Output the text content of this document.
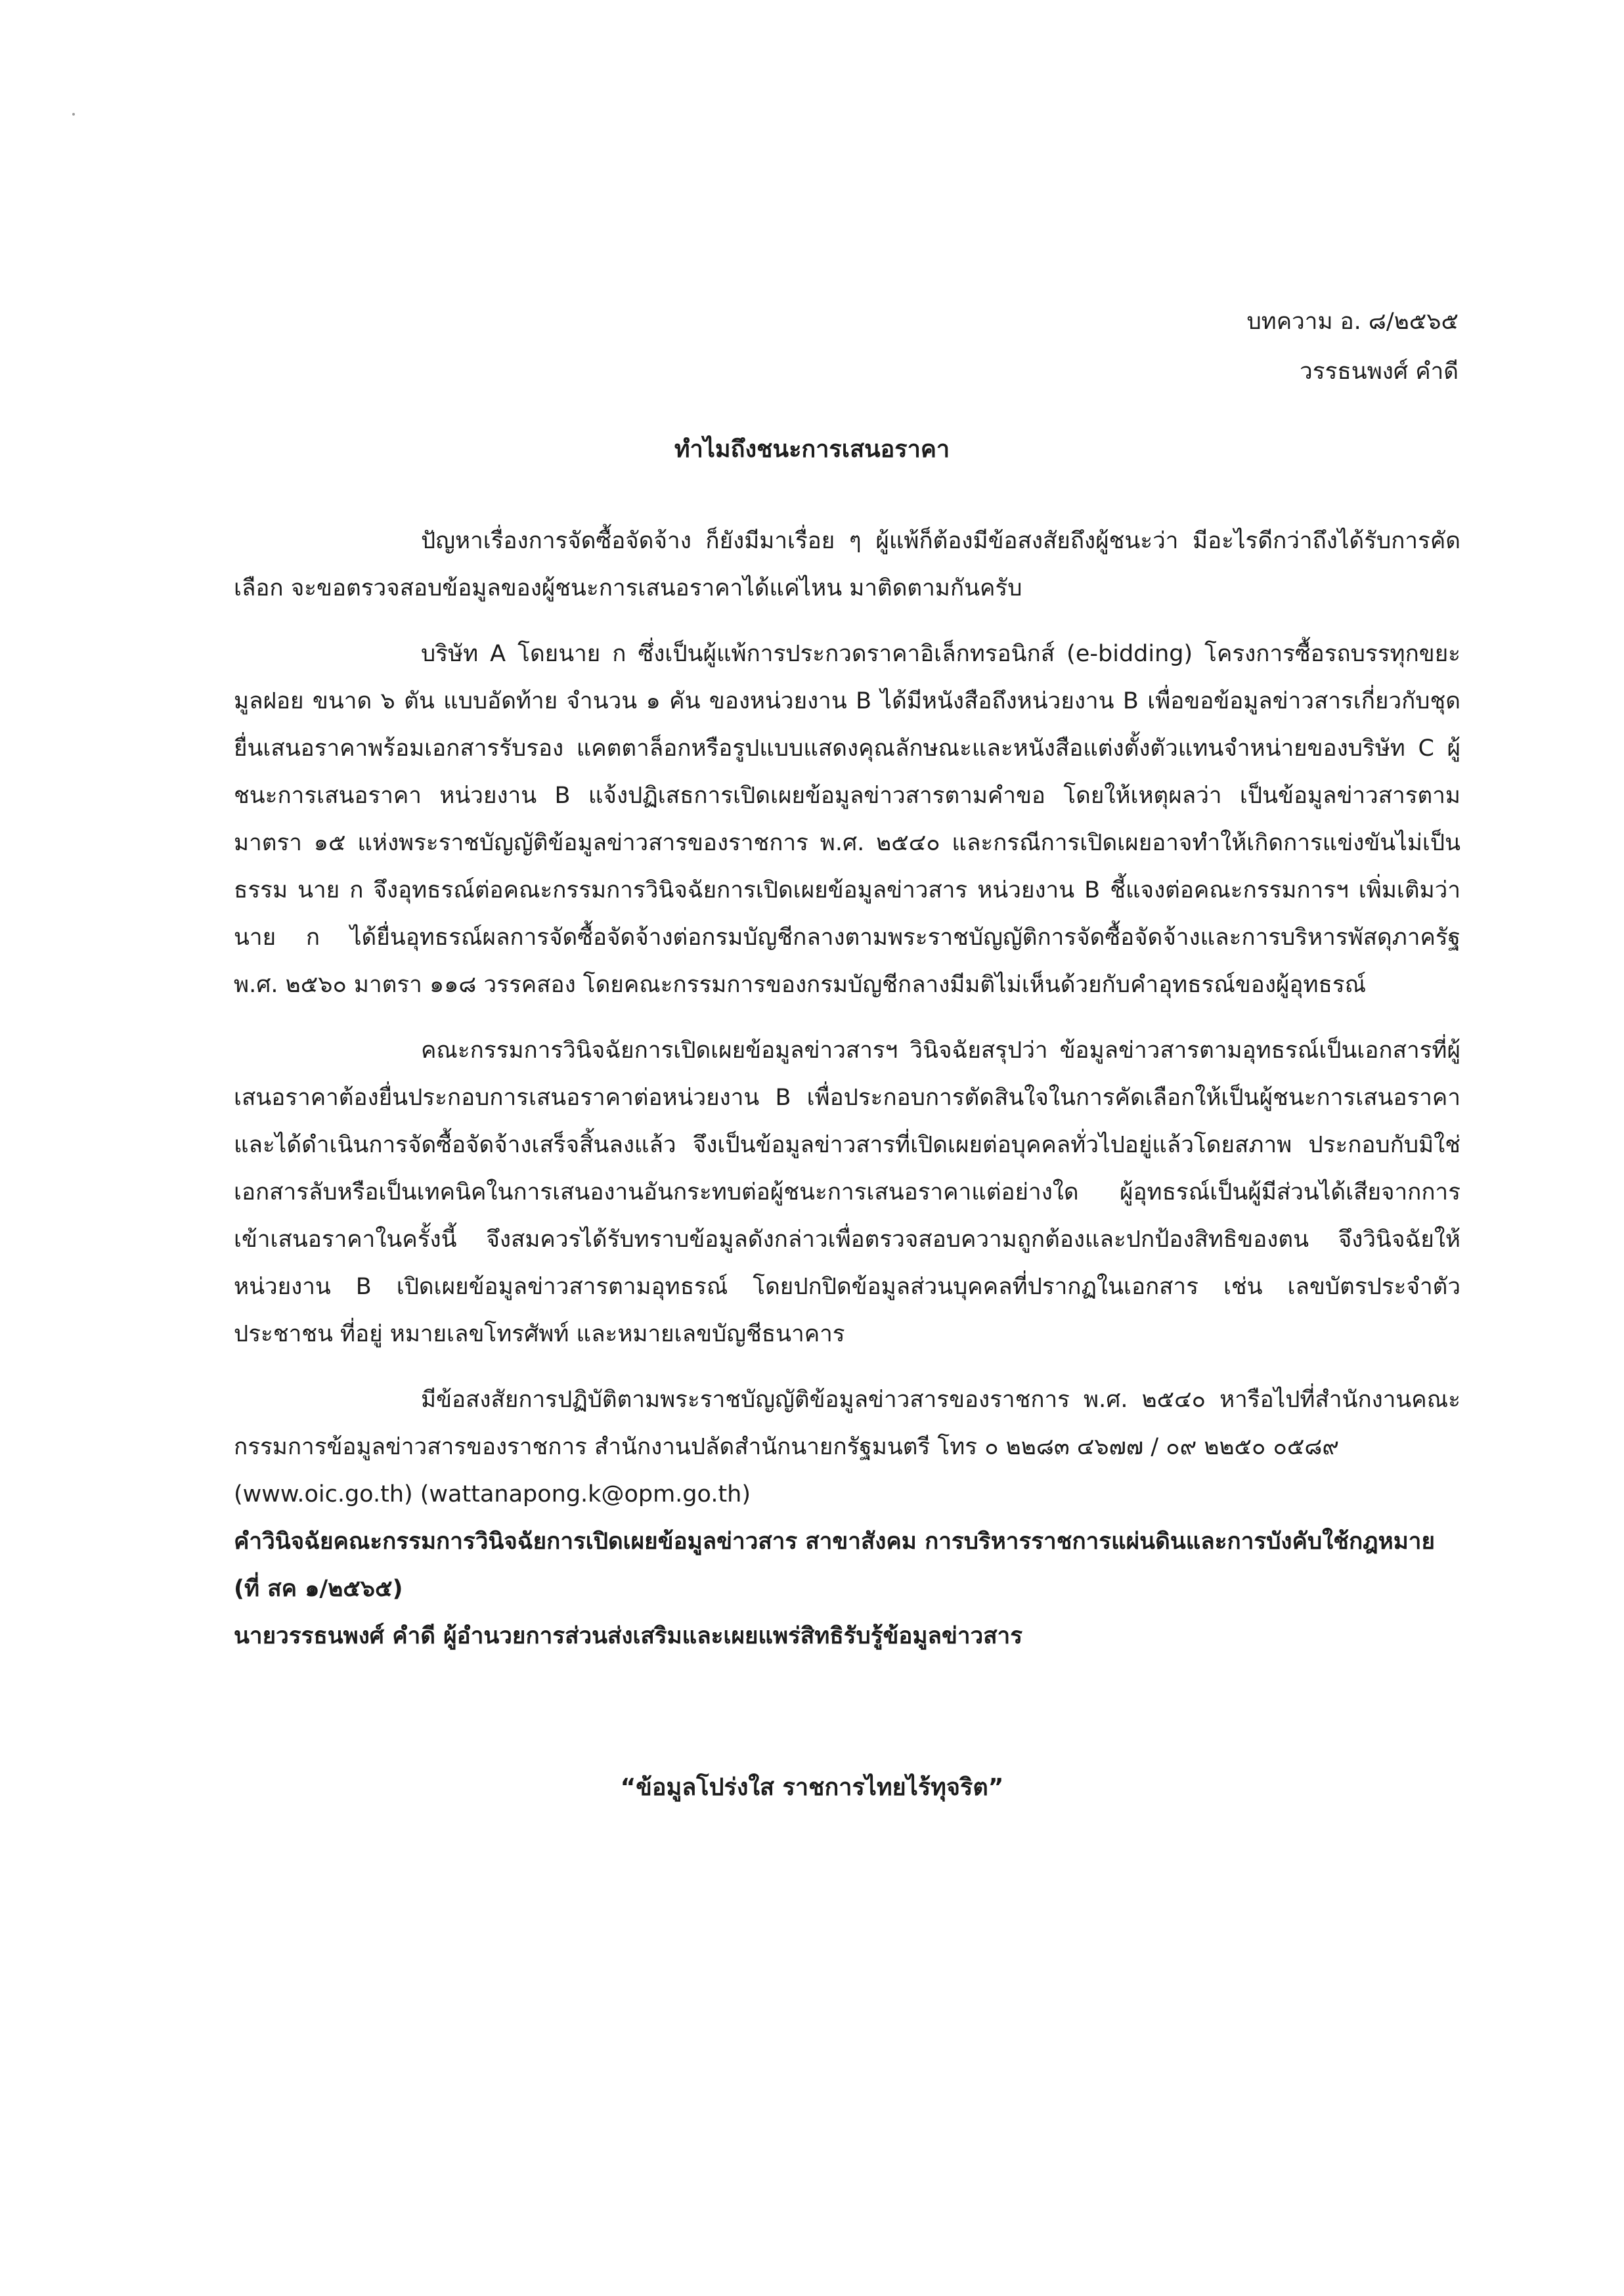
บทความ อ. ๘/๒๕๖๕
วรรธนพงศ์ คำดี
ทำไมถึงชนะการเสนอราคา

ปัญหาเรื่องการจัดซื้อจัดจ้าง ก็ยังมีมาเรื่อย ๆ ผู้แพ้ก็ต้องมีข้อสงสัยถึงผู้ชนะว่า มีอะไรดีกว่าถึงได้รับการคัดเลือก จะขอตรวจสอบข้อมูลของผู้ชนะการเสนอราคาได้แค่ไหน มาติดตามกันครับ

บริษัท A โดยนาย ก ซึ่งเป็นผู้แพ้การประกวดราคาอิเล็กทรอนิกส์ (e-bidding) โครงการซื้อรถบรรทุกขยะมูลฝอย ขนาด ๖ ตัน แบบอัดท้าย จำนวน ๑ คัน ของหน่วยงาน B ได้มีหนังสือถึงหน่วยงาน B เพื่อขอข้อมูลข่าวสารเกี่ยวกับชุดยื่นเสนอราคาพร้อมเอกสารรับรอง แคตตาล็อกหรือรูปแบบแสดงคุณลักษณะและหนังสือแต่งตั้งตัวแทนจำหน่ายของบริษัท C ผู้ชนะการเสนอราคา หน่วยงาน B แจ้งปฏิเสธการเปิดเผยข้อมูลข่าวสารตามคำขอ โดยให้เหตุผลว่า เป็นข้อมูลข่าวสารตามมาตรา ๑๕ แห่งพระราชบัญญัติข้อมูลข่าวสารของราชการ พ.ศ. ๒๕๔๐ และกรณีการเปิดเผยอาจทำให้เกิดการแข่งขันไม่เป็นธรรม นาย ก จึงอุทธรณ์ต่อคณะกรรมการวินิจฉัยการเปิดเผยข้อมูลข่าวสาร หน่วยงาน B ชี้แจงต่อคณะกรรมการฯ เพิ่มเติมว่า นาย ก ได้ยื่นอุทธรณ์ผลการจัดซื้อจัดจ้างต่อกรมบัญชีกลางตามพระราชบัญญัติการจัดซื้อจัดจ้างและการบริหารพัสดุภาครัฐ พ.ศ. ๒๕๖๐ มาตรา ๑๑๘ วรรคสอง โดยคณะกรรมการของกรมบัญชีกลางมีมติไม่เห็นด้วยกับคำอุทธรณ์ของผู้อุทธรณ์

คณะกรรมการวินิจฉัยการเปิดเผยข้อมูลข่าวสารฯ วินิจฉัยสรุปว่า ข้อมูลข่าวสารตามอุทธรณ์เป็นเอกสารที่ผู้เสนอราคาต้องยื่นประกอบการเสนอราคาต่อหน่วยงาน B เพื่อประกอบการตัดสินใจในการคัดเลือกให้เป็นผู้ชนะการเสนอราคา และได้ดำเนินการจัดซื้อจัดจ้างเสร็จสิ้นลงแล้ว จึงเป็นข้อมูลข่าวสารที่เปิดเผยต่อบุคคลทั่วไปอยู่แล้วโดยสภาพ ประกอบกับมิใช่เอกสารลับหรือเป็นเทคนิคในการเสนองานอันกระทบต่อผู้ชนะการเสนอราคาแต่อย่างใด ผู้อุทธรณ์เป็นผู้มีส่วนได้เสียจากการเข้าเสนอราคาในครั้งนี้ จึงสมควรได้รับทราบข้อมูลดังกล่าวเพื่อตรวจสอบความถูกต้องและปกป้องสิทธิของตน จึงวินิจฉัยให้หน่วยงาน B เปิดเผยข้อมูลข่าวสารตามอุทธรณ์ โดยปกปิดข้อมูลส่วนบุคคลที่ปรากฏในเอกสาร เช่น เลขบัตรประจำตัวประชาชน ที่อยู่ หมายเลขโทรศัพท์ และหมายเลขบัญชีธนาคาร

มีข้อสงสัยการปฏิบัติตามพระราชบัญญัติข้อมูลข่าวสารของราชการ พ.ศ. ๒๕๔๐ หารือไปที่สำนักงานคณะกรรมการข้อมูลข่าวสารของราชการ สำนักงานปลัดสำนักนายกรัฐมนตรี โทร ๐ ๒๒๘๓ ๔๖๗๗ / ๐๙ ๒๒๕๐ ๐๕๘๙

(www.oic.go.th) (wattanapong.k@opm.go.th)

คำวินิจฉัยคณะกรรมการวินิจฉัยการเปิดเผยข้อมูลข่าวสาร สาขาสังคม การบริหารราชการแผ่นดินและการบังคับใช้กฎหมาย (ที่ สค ๑/๒๕๖๕)

นายวรรธนพงศ์ คำดี ผู้อำนวยการส่วนส่งเสริมและเผยแพร่สิทธิรับรู้ข้อมูลข่าวสาร

“ข้อมูลโปร่งใส ราชการไทยไร้ทุจริต”
